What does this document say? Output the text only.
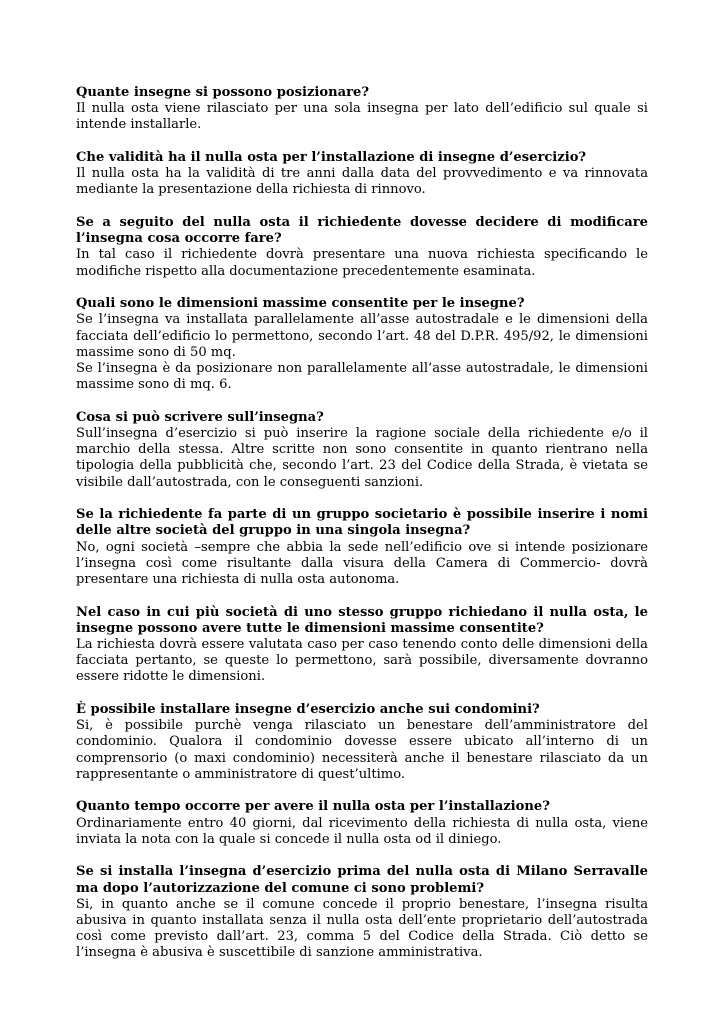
Quante insegne si possono posizionare?

Il nulla osta viene rilasciato per una sola insegna per lato dell’edificio sul quale si intende installarle.

Che validità ha il nulla osta per l’installazione di insegne d’esercizio?

Il nulla osta ha la validità di tre anni dalla data del provvedimento e va rinnovata mediante la presentazione della richiesta di rinnovo.

Se a seguito del nulla osta il richiedente dovesse decidere di modificare l’insegna cosa occorre fare?

In tal caso il richiedente dovrà presentare una nuova richiesta specificando le modifiche rispetto alla documentazione precedentemente esaminata.

Quali sono le dimensioni massime consentite per le insegne?

Se l’insegna va installata parallelamente all’asse autostradale e le dimensioni della facciata dell’edificio lo permettono, secondo l’art. 48 del D.P.R. 495/92, le dimensioni massime sono di 50 mq.

Se l’insegna è da posizionare non parallelamente all’asse autostradale, le dimensioni massime sono di mq. 6.

Cosa si può scrivere sull’insegna?

Sull’insegna d’esercizio si può inserire la ragione sociale della richiedente e/o il marchio della stessa. Altre scritte non sono consentite in quanto rientrano nella tipologia della pubblicità che, secondo l’art. 23 del Codice della Strada, è vietata se visibile dall’autostrada, con le conseguenti sanzioni.

Se la richiedente fa parte di un gruppo societario è possibile inserire i nomi delle altre società del gruppo in una singola insegna?

No, ogni società –sempre che abbia la sede nell’edificio ove si intende posizionare l’insegna così come risultante dalla visura della Camera di Commercio- dovrà presentare una richiesta di nulla osta autonoma.

Nel caso in cui più società di uno stesso gruppo richiedano il nulla osta, le insegne possono avere tutte le dimensioni massime consentite?

La richiesta dovrà essere valutata caso per caso tenendo conto delle dimensioni della facciata pertanto, se queste lo permettono, sarà possibile, diversamente dovranno essere ridotte le dimensioni.

È possibile installare insegne d’esercizio anche sui condomini?

Si, è possibile purchè venga rilasciato un benestare dell’amministratore del condominio. Qualora il condominio dovesse essere ubicato all’interno di un comprensorio (o maxi condominio) necessiterà anche il benestare rilasciato da un rappresentante o amministratore di quest’ultimo.

Quanto tempo occorre per avere il nulla osta per l’installazione?

Ordinariamente entro 40 giorni, dal ricevimento della richiesta di nulla osta, viene inviata la nota con la quale si concede il nulla osta od il diniego.

Se si installa l’insegna d’esercizio prima del nulla osta di Milano Serravalle ma dopo l’autorizzazione del comune ci sono problemi?

Si, in quanto anche se il comune concede il proprio benestare, l’insegna risulta abusiva in quanto installata senza il nulla osta dell’ente proprietario dell’autostrada così come previsto dall’art. 23, comma 5 del Codice della Strada. Ciò detto se l’insegna è abusiva è suscettibile di sanzione amministrativa.
